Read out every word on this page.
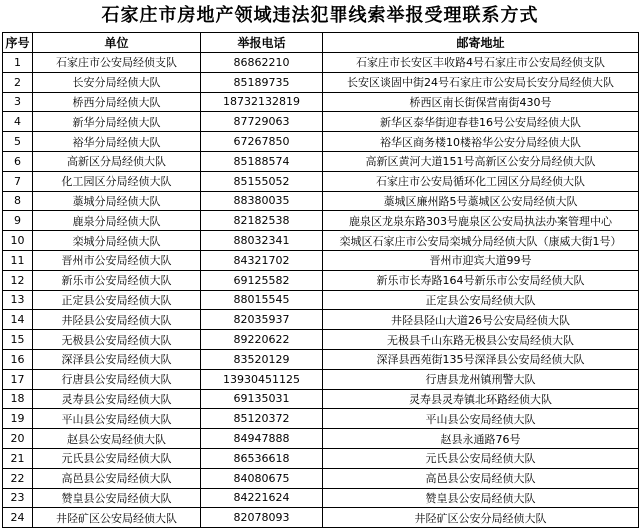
石家庄市房地产领域违法犯罪线索举报受理联系方式
序号	单位	举报电话	邮寄地址
1	石家庄市公安局经侦支队	86862210	石家庄市长安区丰收路4号石家庄市公安局经侦支队
2	长安分局经侦大队	85189735	长安区谈固中街24号石家庄市公安局长安分局经侦大队
3	桥西分局经侦大队	18732132819	桥西区南长街保营南街430号
4	新华分局经侦大队	87729063	新华区泰华街迎春巷16号公安局经侦大队
5	裕华分局经侦大队	67267850	裕华区商务楼10楼裕华公安分局经侦大队
6	高新区分局经侦大队	85188574	高新区黄河大道151号高新区公安分局经侦大队
7	化工园区分局经侦大队	85155052	石家庄市公安局循环化工园区分局经侦大队
8	藁城分局经侦大队	88380035	藁城区廉州路5号藁城区公安局经侦大队
9	鹿泉分局经侦大队	82182538	鹿泉区龙泉东路303号鹿泉区公安局执法办案管理中心
10	栾城分局经侦大队	88032341	栾城区石家庄市公安局栾城分局经侦大队（康威大街1号）
11	晋州市公安局经侦大队	84321702	晋州市迎宾大道99号
12	新乐市公安局经侦大队	69125582	新乐市长寿路164号新乐市公安局经侦大队
13	正定县公安局经侦大队	88015545	正定县公安局经侦大队
14	井陉县公安局经侦大队	82035937	井陉县陉山大道26号公安局经侦大队
15	无极县公安局经侦大队	89220622	无极县千山东路无极县公安局经侦大队
16	深泽县公安局经侦大队	83520129	深泽县西苑街135号深泽县公安局经侦大队
17	行唐县公安局经侦大队	13930451125	行唐县龙州镇刑警大队
18	灵寿县公安局经侦大队	69135031	灵寿县灵寿镇北环路经侦大队
19	平山县公安局经侦大队	85120372	平山县公安局经侦大队
20	赵县公安局经侦大队	84947888	赵县永通路76号
21	元氏县公安局经侦大队	86536618	元氏县公安局经侦大队
22	高邑县公安局经侦大队	84080675	高邑县公安局经侦大队
23	赞皇县公安局经侦大队	84221624	赞皇县公安局经侦大队
24	井陉矿区公安局经侦大队	82078093	井陉矿区公安分局经侦大队
